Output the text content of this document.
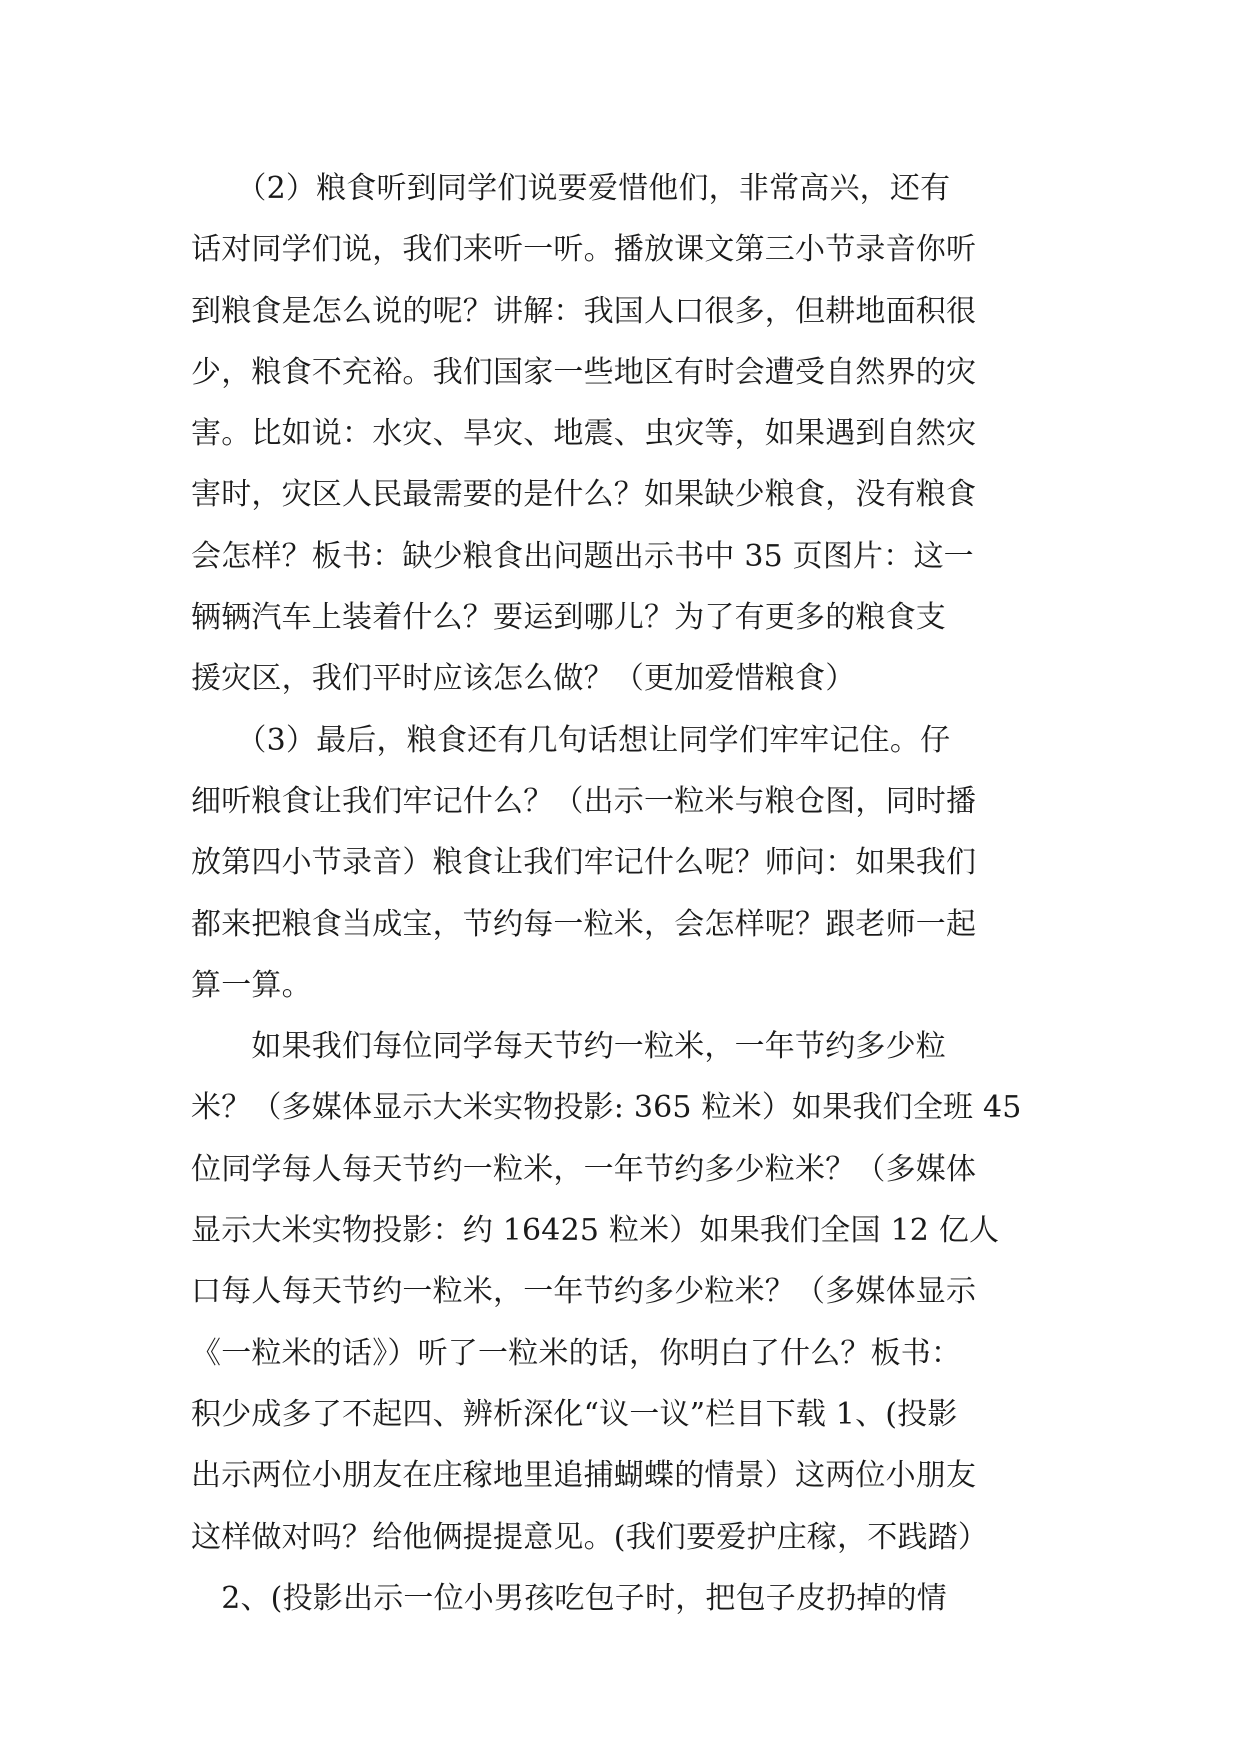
　　（2）粮食听到同学们说要爱惜他们，非常高兴，还有
话对同学们说，我们来听一听。播放课文第三小节录音你听
到粮食是怎么说的呢？讲解：我国人口很多，但耕地面积很
少，粮食不充裕。我们国家一些地区有时会遭受自然界的灾
害。比如说：水灾、旱灾、地震、虫灾等，如果遇到自然灾
害时，灾区人民最需要的是什么？如果缺少粮食，没有粮食
会怎样？板书：缺少粮食出问题出示书中 35 页图片：这一
辆辆汽车上装着什么？要运到哪儿？为了有更多的粮食支
援灾区，我们平时应该怎么做？（更加爱惜粮食）
　　（3）最后，粮食还有几句话想让同学们牢牢记住。仔
细听粮食让我们牢记什么？（出示一粒米与粮仓图，同时播
放第四小节录音）粮食让我们牢记什么呢？师问：如果我们
都来把粮食当成宝，节约每一粒米，会怎样呢？跟老师一起
算一算。
　　如果我们每位同学每天节约一粒米，一年节约多少粒
米？（多媒体显示大米实物投影: 365 粒米）如果我们全班 45
位同学每人每天节约一粒米，一年节约多少粒米？（多媒体
显示大米实物投影：约 16425 粒米）如果我们全国 12 亿人
口每人每天节约一粒米，一年节约多少粒米？（多媒体显示
《一粒米的话》）听了一粒米的话，你明白了什么？板书：
积少成多了不起四、辨析深化“议一议”栏目下载 1、(投影
出示两位小朋友在庄稼地里追捕蝴蝶的情景）这两位小朋友
这样做对吗？给他俩提提意见。(我们要爱护庄稼，不践踏）
　2、(投影出示一位小男孩吃包子时，把包子皮扔掉的情
